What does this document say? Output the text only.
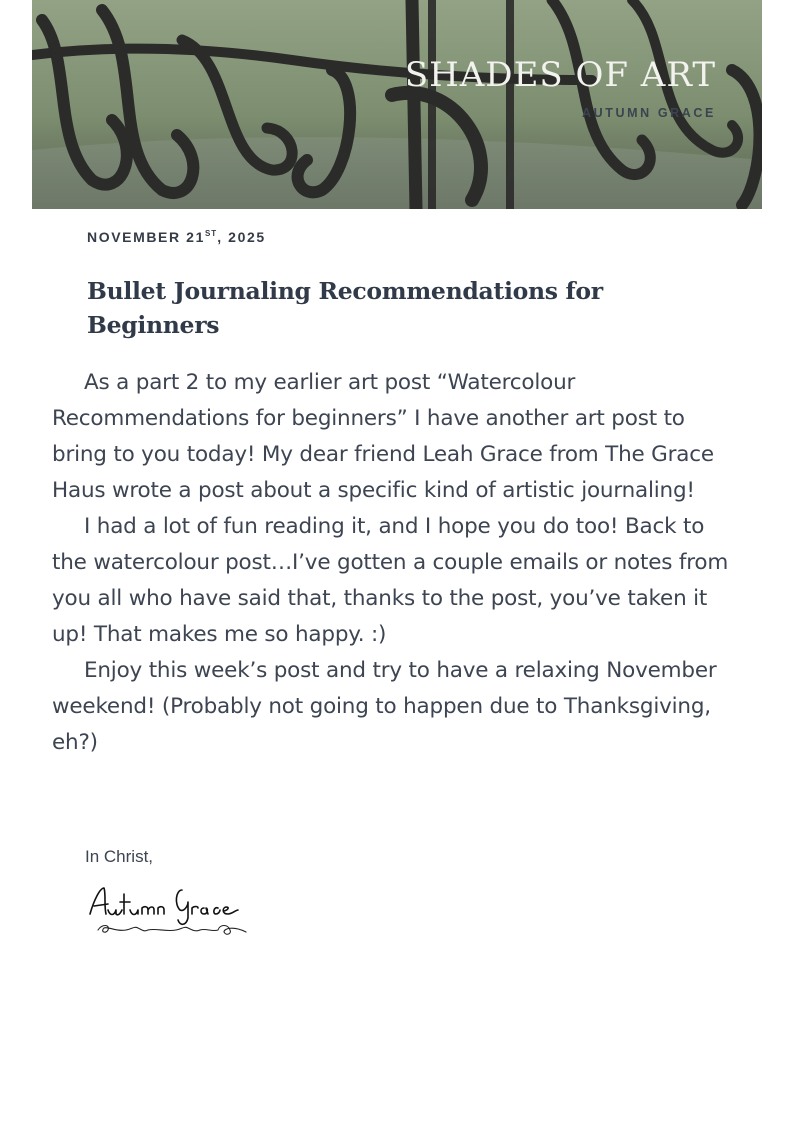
SHADES OF ART
AUTUMN GRACE
NOVEMBER 21ST, 2025
Bullet Journaling Recommendations for Beginners

As a part 2 to my earlier art post “Watercolour Recommendations for beginners” I have another art post to bring to you today! My dear friend Leah Grace from The Grace Haus wrote a post about a specific kind of artistic journaling!

I had a lot of fun reading it, and I hope you do too! Back to the watercolour post…I’ve gotten a couple emails or notes from you all who have said that, thanks to the post, you’ve taken it up! That makes me so happy. :)

Enjoy this week’s post and try to have a relaxing November weekend! (Probably not going to happen due to Thanksgiving, eh?)

In Christ,
